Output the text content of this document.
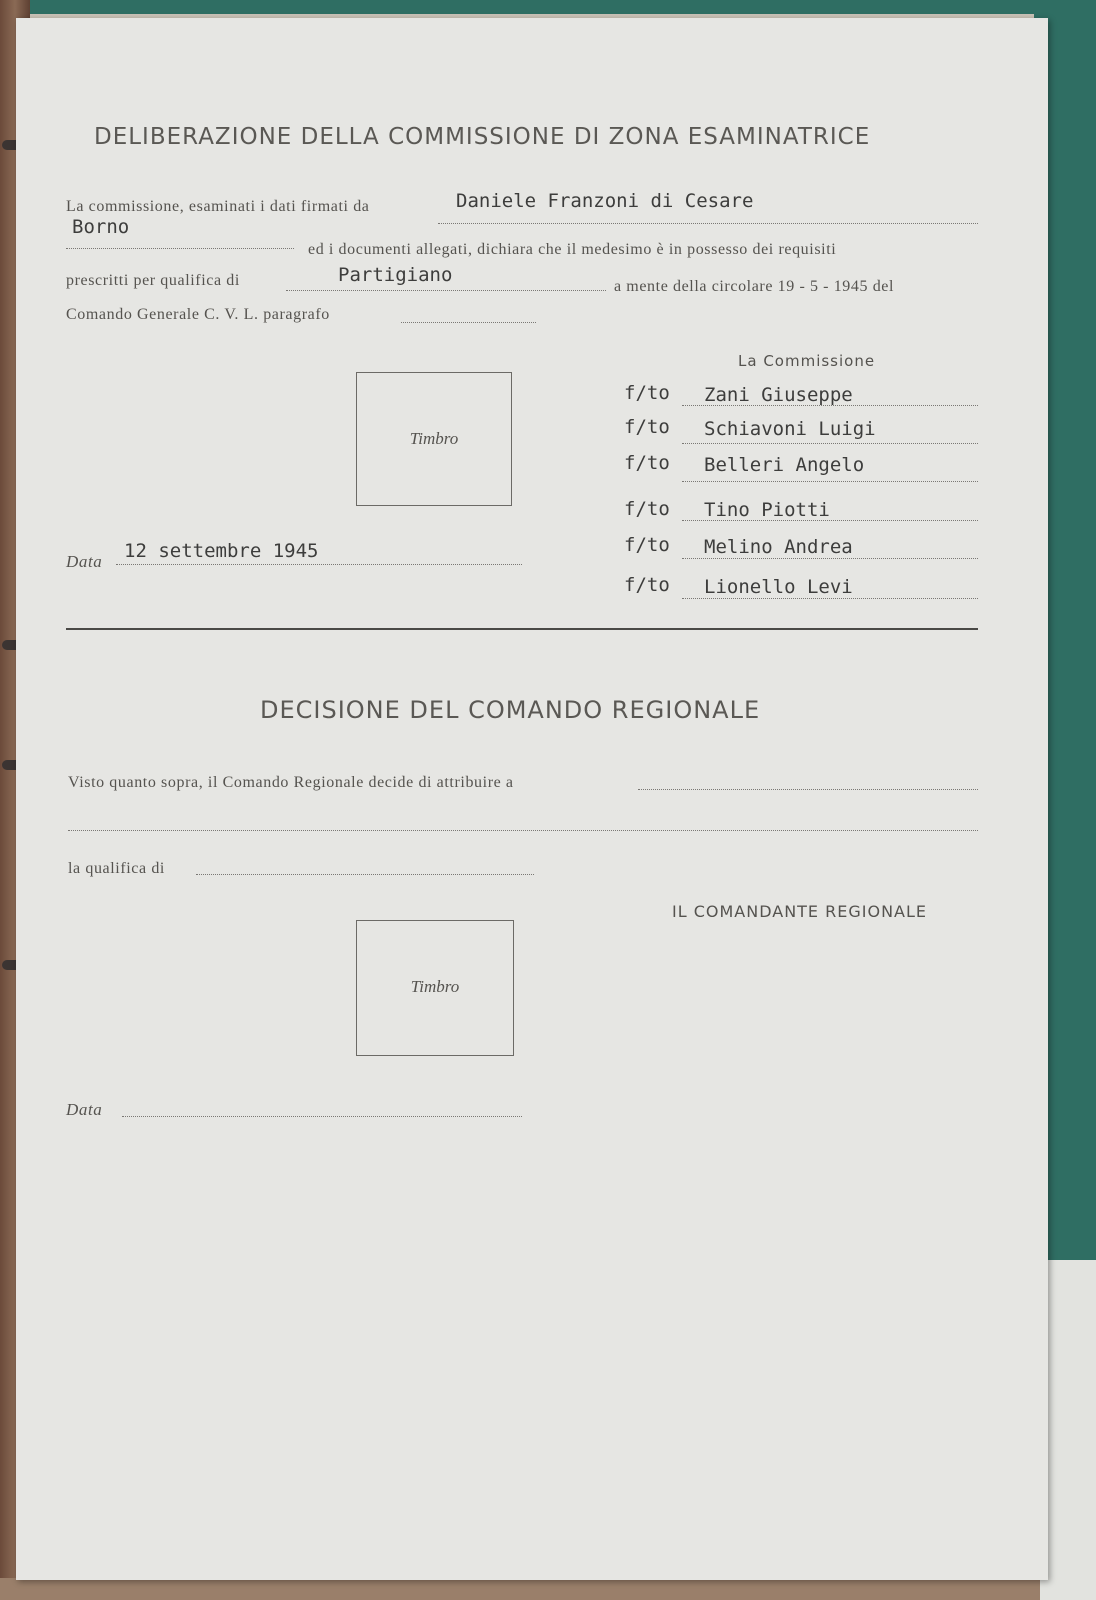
DELIBERAZIONE DELLA COMMISSIONE DI ZONA ESAMINATRICE
La commissione, esaminati i dati firmati da	Daniele Franzoni di Cesare
Borno
ed i documenti allegati, dichiara che il medesimo è in possesso dei requisiti
prescritti per qualifica di	Partigiano
a mente della circolare 19 - 5 - 1945 del
Comando Generale C. V. L. paragrafo
La Commissione
Timbro
f/to Zani Giuseppe
f/to Schiavoni Luigi
f/to Belleri Angelo
f/to Tino Piotti
f/to Melino Andrea
f/to Lionello Levi
Data 12 settembre 1945
DECISIONE DEL COMANDO REGIONALE
Visto quanto sopra, il Comando Regionale decide di attribuire a
la qualifica di
IL COMANDANTE REGIONALE
Timbro
Data
